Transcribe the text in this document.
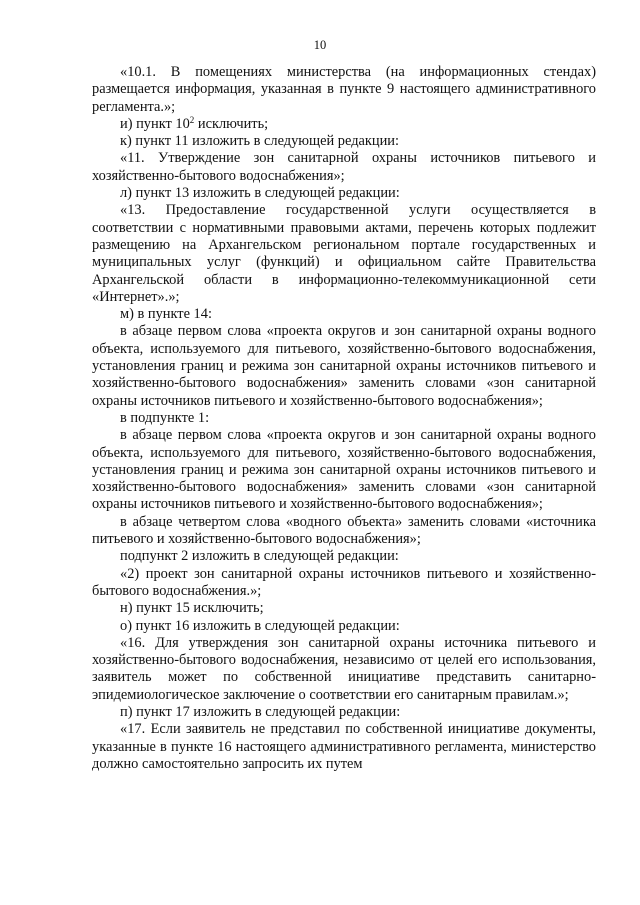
10

«10.1. В помещениях министерства (на информационных стендах) размещается информация, указанная в пункте 9 настоящего административного регламента.»;

и) пункт $10^2$ исключить;

к) пункт 11 изложить в следующей редакции:

«11. Утверждение зон санитарной охраны источников питьевого и хозяйственно-бытового водоснабжения»;

л) пункт 13 изложить в следующей редакции:

«13. Предоставление государственной услуги осуществляется в соответствии с нормативными правовыми актами, перечень которых подлежит размещению на Архангельском региональном портале государственных и муниципальных услуг (функций) и официальном сайте Правительства Архангельской области в информационно-телекоммуникационной сети «Интернет».»;

м) в пункте 14:

в абзаце первом слова «проекта округов и зон санитарной охраны водного объекта, используемого для питьевого, хозяйственно-бытового водоснабжения, установления границ и режима зон санитарной охраны источников питьевого и хозяйственно-бытового водоснабжения» заменить словами «зон санитарной охраны источников питьевого и хозяйственно-бытового водоснабжения»;

в подпункте 1:

в абзаце первом слова «проекта округов и зон санитарной охраны водного объекта, используемого для питьевого, хозяйственно-бытового водоснабжения, установления границ и режима зон санитарной охраны источников питьевого и хозяйственно-бытового водоснабжения» заменить словами «зон санитарной охраны источников питьевого и хозяйственно-бытового водоснабжения»;

в абзаце четвертом слова «водного объекта» заменить словами «источника питьевого и хозяйственно-бытового водоснабжения»;

подпункт 2 изложить в следующей редакции:

«2) проект зон санитарной охраны источников питьевого и хозяйственно-бытового водоснабжения.»;

н) пункт 15 исключить;

о) пункт 16 изложить в следующей редакции:

«16. Для утверждения зон санитарной охраны источника питьевого и хозяйственно-бытового водоснабжения, независимо от целей его использования, заявитель может по собственной инициативе представить санитарно-эпидемиологическое заключение о соответствии его санитарным правилам.»;

п) пункт 17 изложить в следующей редакции:

«17. Если заявитель не представил по собственной инициативе документы, указанные в пункте 16 настоящего административного регламента, министерство должно самостоятельно запросить их путем
